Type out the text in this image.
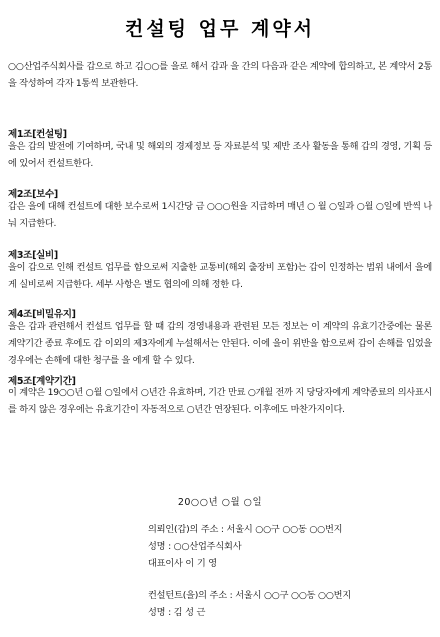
컨설팅 업무 계약서
○○산업주식회사를 갑으로 하고 김○○를 을로 해서 갑과 을 간의 다음과 같은 계약에 합의하고, 본 계약서 2통을 작성하여 각자 1통씩 보관한다.
제1조[컨설팅]
을은 갑의 발전에 기여하며, 국내 및 해외의 경제정보 등 자료분석 및 제반 조사 활동을 통해 갑의 경영, 기획 등에 있어서 컨설트한다.
제2조[보수]
갑은 을에 대해 컨설트에 대한 보수로써 1시간당 금 ○○○원을 지급하며 매년 ○ 월 ○일과 ○월 ○일에 반씩 나눠 지급한다.
제3조[실비]
을이 갑으로 인해 컨설트 업무를 함으로써 지출한 교통비(해외 출장비 포함)는 갑이 인정하는 범위 내에서 을에게 실비로써 지급한다. 세부 사항은 별도 협의에 의해 정한 다.
제4조[비밀유지]
을은 갑과 관련해서 컨설트 업무를 할 때 갑의 경영내용과 관련된 모든 정보는 이 계약의 유효기간중에는 물론 계약기간 종료 후에도 갑 이외의 제3자에게 누설해서는 안된다. 이에 을이 위반을 함으로써 갑이 손해를 입었을 경우에는 손해에 대한 청구를 을 에게 할 수 있다.
제5조[계약기간]
이 계약은 19○○년 ○월 ○일에서 ○년간 유효하며, 기간 만료 ○개월 전까 지 당당자에게 계약종료의 의사표시를 하지 않은 경우에는 유효기간이 자동적으로 ○년간 연장된다. 이후에도 마찬가지이다.
20○○년 ○월 ○일
의뢰인(갑)의 주소 : 서울시 ○○구 ○○동 ○○번지
성명 : ○○산업주식회사
대표이사 이 기 영
컨설턴트(을)의 주소 : 서울시 ○○구 ○○동 ○○번지
성명 : 김 성 근
